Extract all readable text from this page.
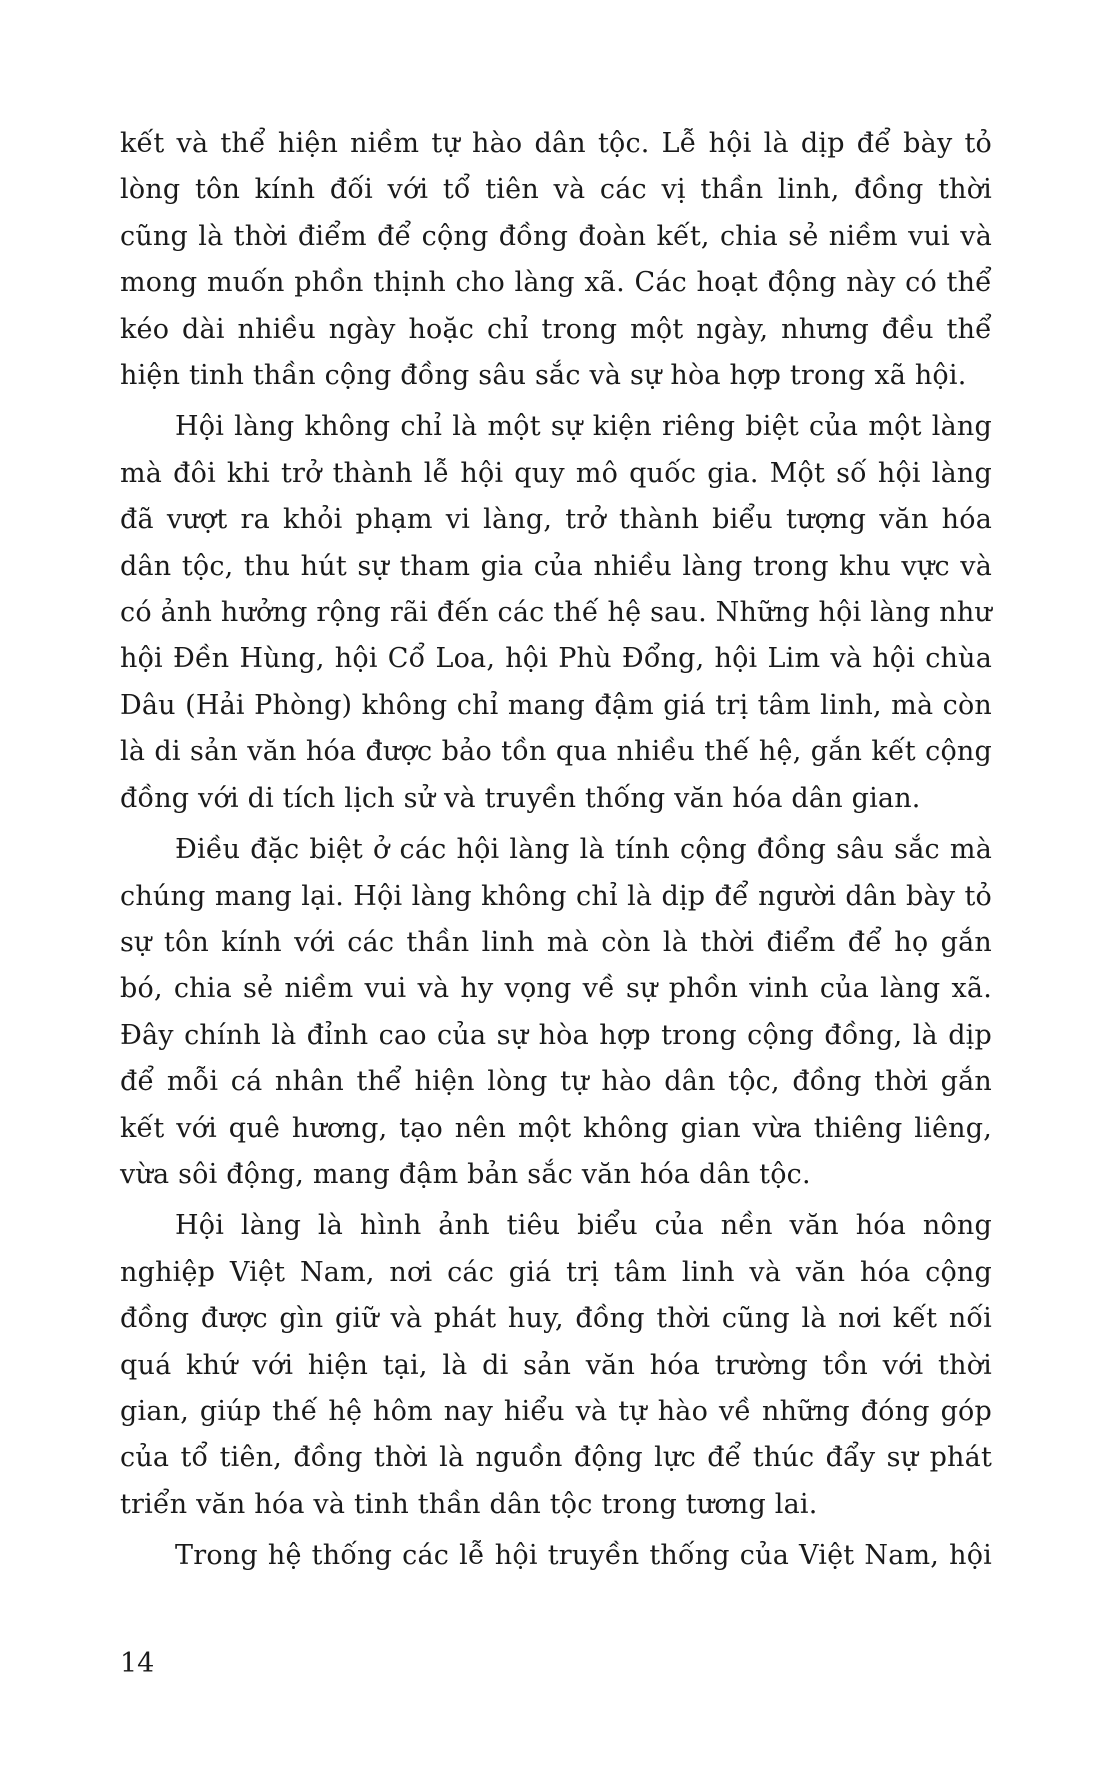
kết và thể hiện niềm tự hào dân tộc. Lễ hội là dịp để bày tỏ lòng tôn kính đối với tổ tiên và các vị thần linh, đồng thời cũng là thời điểm để cộng đồng đoàn kết, chia sẻ niềm vui và mong muốn phồn thịnh cho làng xã. Các hoạt động này có thể kéo dài nhiều ngày hoặc chỉ trong một ngày, nhưng đều thể hiện tinh thần cộng đồng sâu sắc và sự hòa hợp trong xã hội.

Hội làng không chỉ là một sự kiện riêng biệt của một làng mà đôi khi trở thành lễ hội quy mô quốc gia. Một số hội làng đã vượt ra khỏi phạm vi làng, trở thành biểu tượng văn hóa dân tộc, thu hút sự tham gia của nhiều làng trong khu vực và có ảnh hưởng rộng rãi đến các thế hệ sau. Những hội làng như hội Đền Hùng, hội Cổ Loa, hội Phù Đổng, hội Lim và hội chùa Dâu (Hải Phòng) không chỉ mang đậm giá trị tâm linh, mà còn là di sản văn hóa được bảo tồn qua nhiều thế hệ, gắn kết cộng đồng với di tích lịch sử và truyền thống văn hóa dân gian.

Điều đặc biệt ở các hội làng là tính cộng đồng sâu sắc mà chúng mang lại. Hội làng không chỉ là dịp để người dân bày tỏ sự tôn kính với các thần linh mà còn là thời điểm để họ gắn bó, chia sẻ niềm vui và hy vọng về sự phồn vinh của làng xã. Đây chính là đỉnh cao của sự hòa hợp trong cộng đồng, là dịp để mỗi cá nhân thể hiện lòng tự hào dân tộc, đồng thời gắn kết với quê hương, tạo nên một không gian vừa thiêng liêng, vừa sôi động, mang đậm bản sắc văn hóa dân tộc.

Hội làng là hình ảnh tiêu biểu của nền văn hóa nông nghiệp Việt Nam, nơi các giá trị tâm linh và văn hóa cộng đồng được gìn giữ và phát huy, đồng thời cũng là nơi kết nối quá khứ với hiện tại, là di sản văn hóa trường tồn với thời gian, giúp thế hệ hôm nay hiểu và tự hào về những đóng góp của tổ tiên, đồng thời là nguồn động lực để thúc đẩy sự phát triển văn hóa và tinh thần dân tộc trong tương lai.

Trong hệ thống các lễ hội truyền thống của Việt Nam, hội

14
